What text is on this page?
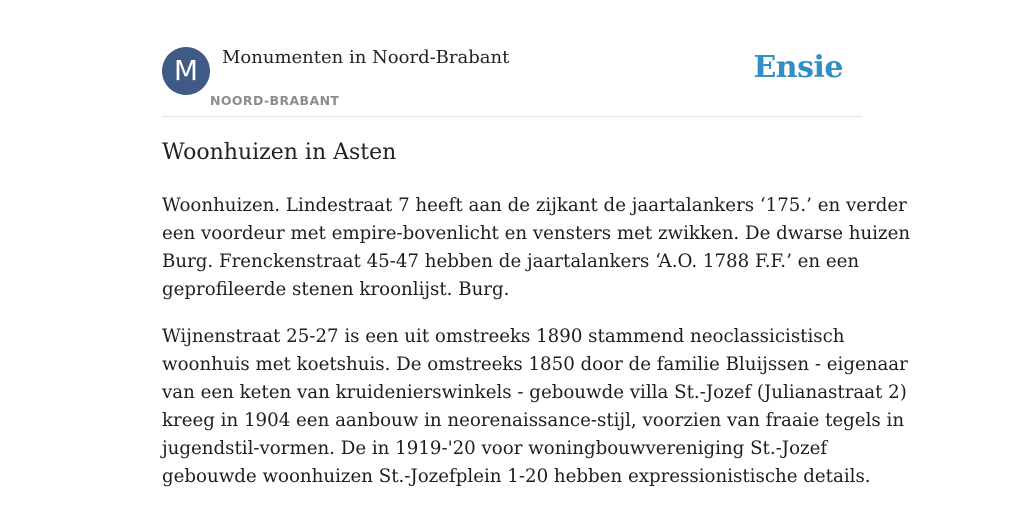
M	Monumenten in Noord-Brabant
NOORD-BRABANT
Ensie
Woonhuizen in Asten

Woonhuizen. Lindestraat 7 heeft aan de zijkant de jaartalankers ‘175.’ en verder
een voordeur met empire-bovenlicht en vensters met zwikken. De dwarse huizen
Burg. Frenckenstraat 45-47 hebben de jaartalankers ‘A.O. 1788 F.F.’ en een
geprofileerde stenen kroonlijst. Burg.

Wijnenstraat 25-27 is een uit omstreeks 1890 stammend neoclassicistisch
woonhuis met koetshuis. De omstreeks 1850 door de familie Bluijssen - eigenaar
van een keten van kruidenierswinkels - gebouwde villa St.-Jozef (Julianastraat 2)
kreeg in 1904 een aanbouw in neorenaissance-stijl, voorzien van fraaie tegels in
jugendstil-vormen. De in 1919-'20 voor woningbouwvereniging St.-Jozef
gebouwde woonhuizen St.-Jozefplein 1-20 hebben expressionistische details.
